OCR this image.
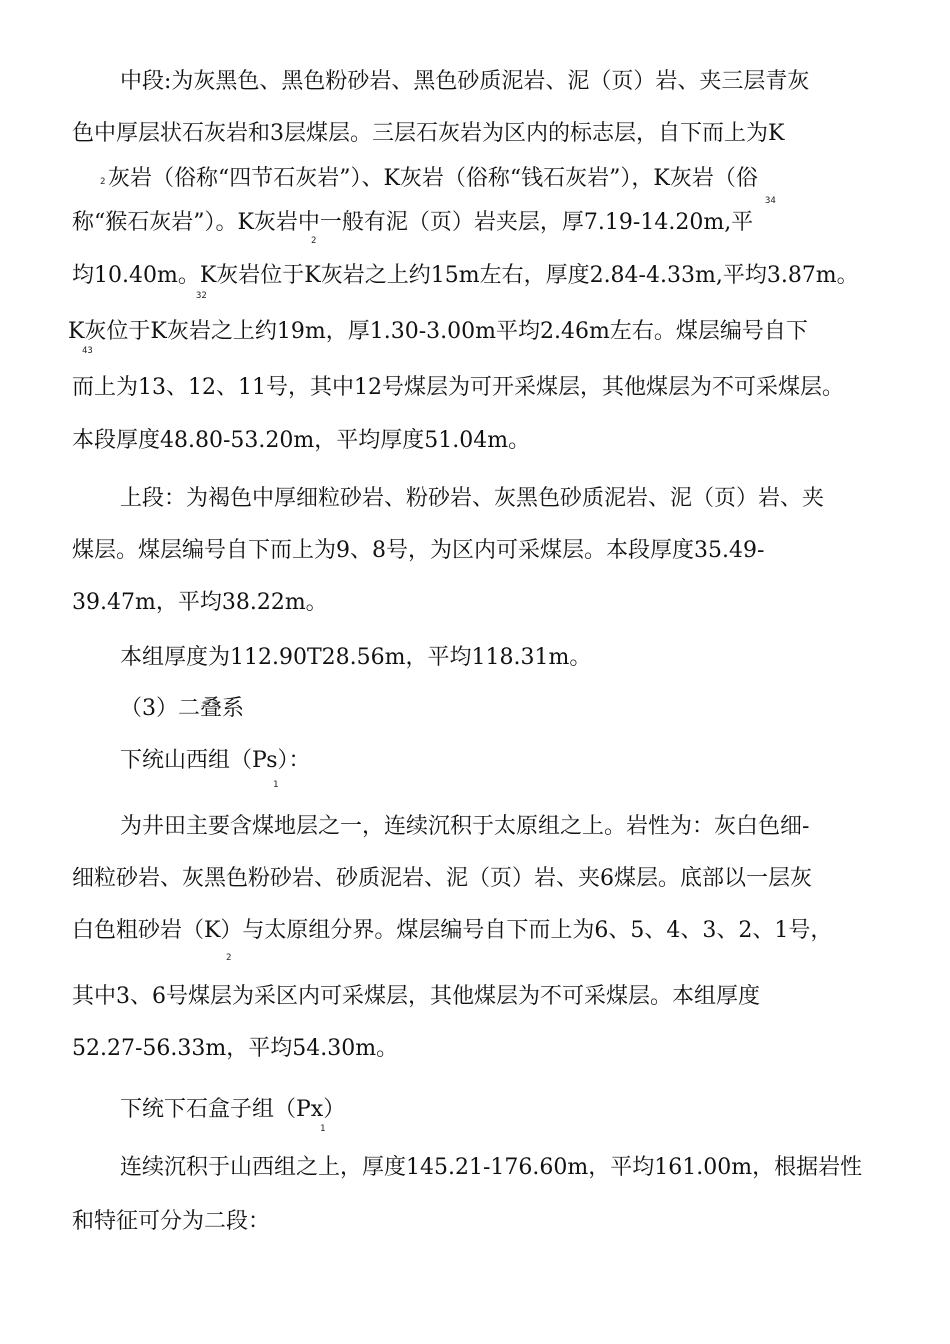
中段:为灰黑色、黑色粉砂岩、黑色砂质泥岩、泥（页）岩、夹三层青灰
色中厚层状石灰岩和3层煤层。三层石灰岩为区内的标志层，自下而上为K
2 灰岩（俗称“四节石灰岩”）、K灰岩（俗称“钱石灰岩”），K灰岩（俗
34
称“猴石灰岩”）。K灰岩中一般有泥（页）岩夹层，厚7.19-14.20m,平
2
均10.40m。K灰岩位于K灰岩之上约15m左右，厚度2.84-4.33m,平均3.87m。
32
K灰位于K灰岩之上约19m，厚1.30-3.00m平均2.46m左右。煤层编号自下
43
而上为13、12、11号，其中12号煤层为可开采煤层，其他煤层为不可采煤层。
本段厚度48.80-53.20m，平均厚度51.04m。
上段：为褐色中厚细粒砂岩、粉砂岩、灰黑色砂质泥岩、泥（页）岩、夹
煤层。煤层编号自下而上为9、8号，为区内可采煤层。本段厚度35.49-
39.47m，平均38.22m。
本组厚度为112.90T28.56m，平均118.31m。
（3）二叠系
下统山西组（Ps）：
1
为井田主要含煤地层之一，连续沉积于太原组之上。岩性为：灰白色细-
细粒砂岩、灰黑色粉砂岩、砂质泥岩、泥（页）岩、夹6煤层。底部以一层灰
白色粗砂岩（K）与太原组分界。煤层编号自下而上为6、5、4、3、2、1号，
2
其中3、6号煤层为采区内可采煤层，其他煤层为不可采煤层。本组厚度
52.27-56.33m，平均54.30m。
下统下石盒子组（Px）
1
连续沉积于山西组之上，厚度145.21-176.60m，平均161.00m，根据岩性
和特征可分为二段：
